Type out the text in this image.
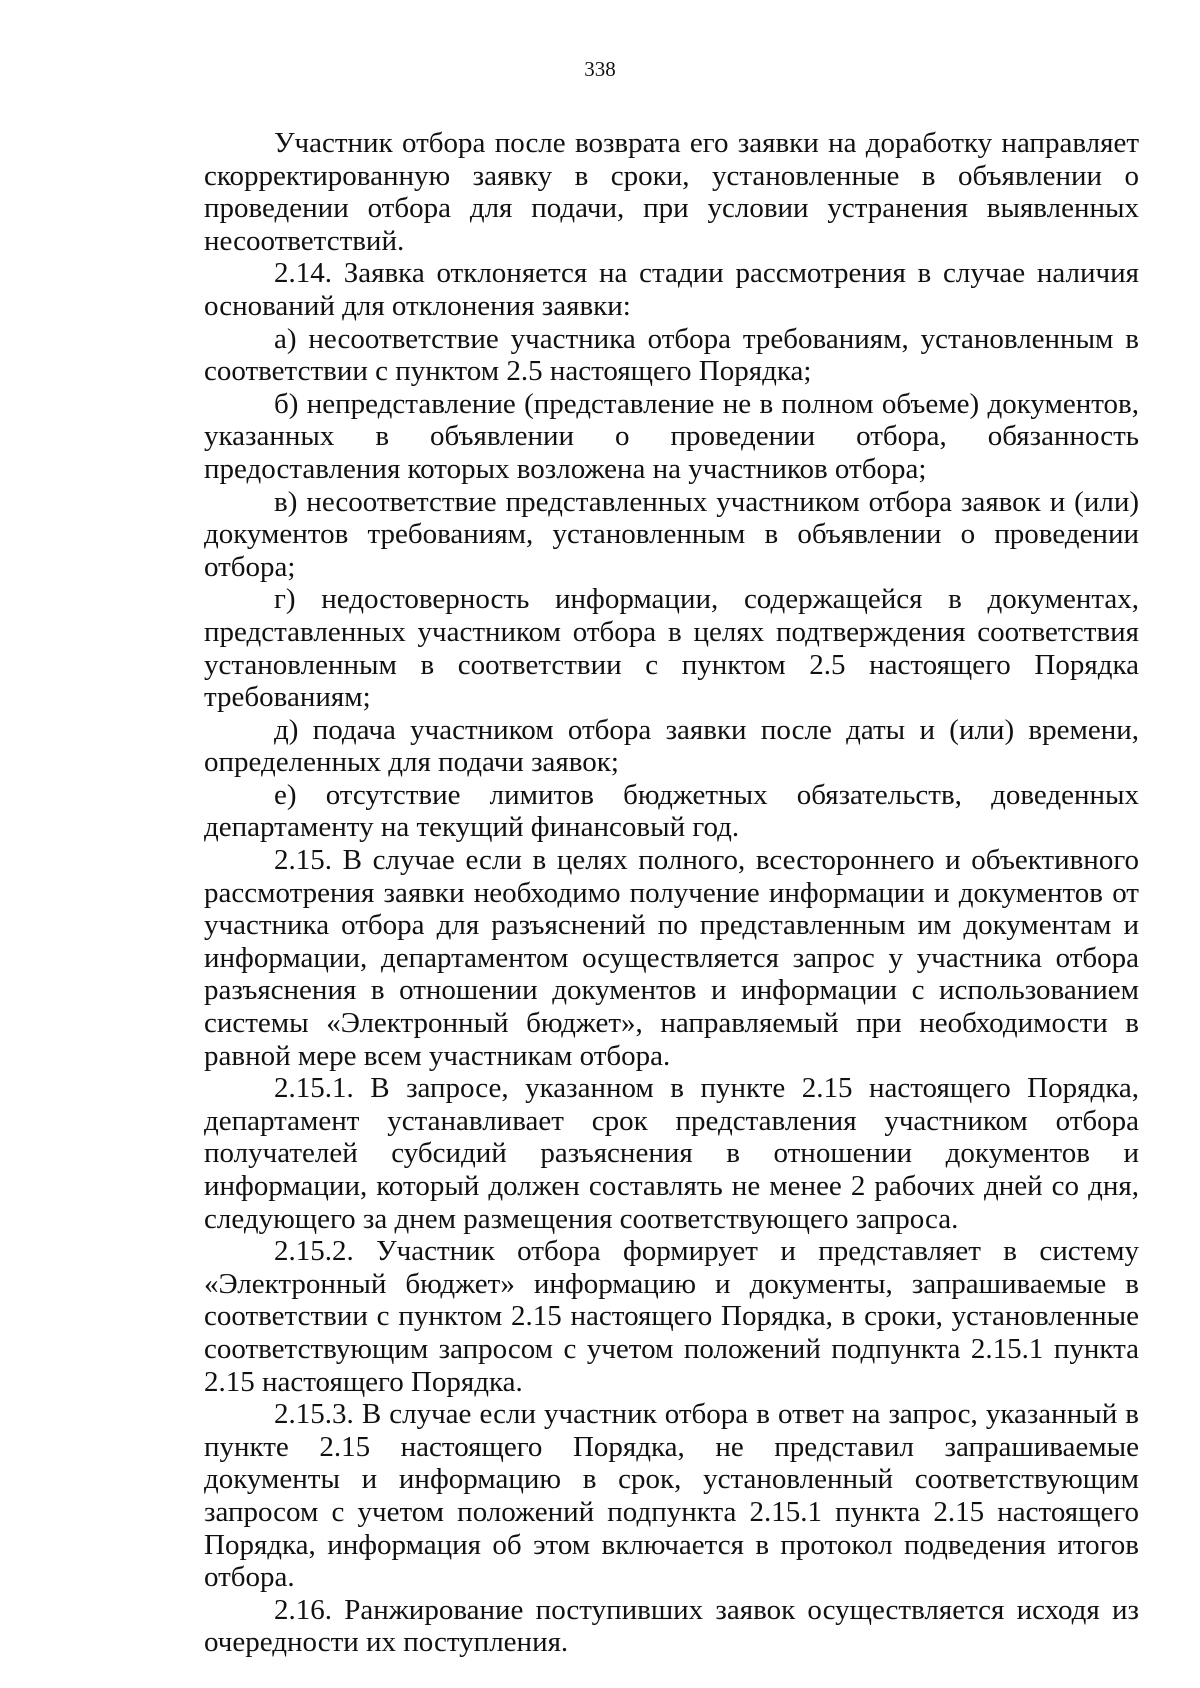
338

Участник отбора после возврата его заявки на доработку направляет скорректированную заявку в сроки, установленные в объявлении о проведении отбора для подачи, при условии устранения выявленных несоответствий.

2.14. Заявка отклоняется на стадии рассмотрения в случае наличия оснований для отклонения заявки:

а) несоответствие участника отбора требованиям, установленным в соответствии с пунктом 2.5 настоящего Порядка;

б) непредставление (представление не в полном объеме) документов, указанных в объявлении о проведении отбора, обязанность предоставления которых возложена на участников отбора;

в) несоответствие представленных участником отбора заявок и (или) документов требованиям, установленным в объявлении о проведении отбора;

г) недостоверность информации, содержащейся в документах, представленных участником отбора в целях подтверждения соответствия установленным в соответствии с пунктом 2.5 настоящего Порядка требованиям;

д) подача участником отбора заявки после даты и (или) времени, определенных для подачи заявок;

е) отсутствие лимитов бюджетных обязательств, доведенных департаменту на текущий финансовый год.

2.15. В случае если в целях полного, всестороннего и объективного рассмотрения заявки необходимо получение информации и документов от участника отбора для разъяснений по представленным им документам и информации, департаментом осуществляется запрос у участника отбора разъяснения в отношении документов и информации с использованием системы «Электронный бюджет», направляемый при необходимости в равной мере всем участникам отбора.

2.15.1. В запросе, указанном в пункте 2.15 настоящего Порядка, департамент устанавливает срок представления участником отбора получателей субсидий разъяснения в отношении документов и информации, который должен составлять не менее 2 рабочих дней со дня, следующего за днем размещения соответствующего запроса.

2.15.2. Участник отбора формирует и представляет в систему «Электронный бюджет» информацию и документы, запрашиваемые в соответствии с пунктом 2.15 настоящего Порядка, в сроки, установленные соответствующим запросом с учетом положений подпункта 2.15.1 пункта 2.15 настоящего Порядка.

2.15.3. В случае если участник отбора в ответ на запрос, указанный в пункте 2.15 настоящего Порядка, не представил запрашиваемые документы и информацию в срок, установленный соответствующим запросом с учетом положений подпункта 2.15.1 пункта 2.15 настоящего Порядка, информация об этом включается в протокол подведения итогов отбора.

2.16. Ранжирование поступивших заявок осуществляется исходя из очередности их поступления.
